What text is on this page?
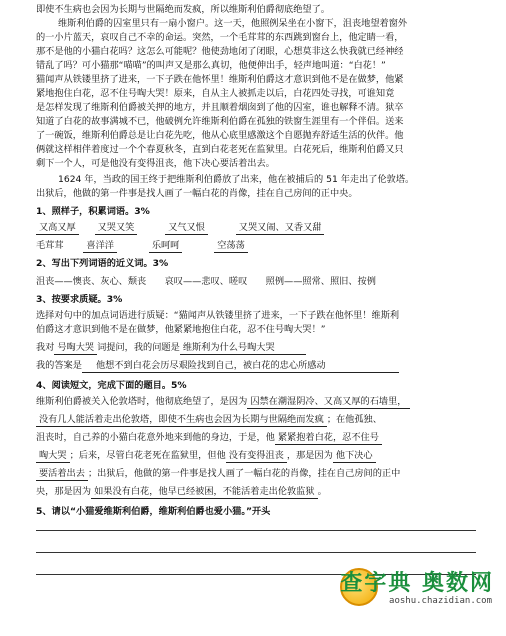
即使不生病也会因为长期与世隔绝而发疯，所以维斯利伯爵彻底绝望了。
维斯利伯爵的囚室里只有一扇小窗户。这一天，他照例呆坐在小窗下，沮丧地望着窗外
的一小片蓝天，哀叹自己不幸的命运。突然，一个毛茸茸的东西跳到窗台上，他定睛一看，
那不是他的小猫白花吗？这怎么可能呢？他使劲地闭了闭眼，心想莫非这么快我就已经神经
错乱了吗？可小猫那“喵喵”的叫声又是那么真切，他便伸出手，轻声地叫道：“白花！”
猫闻声从铁镂里挤了进来，一下子跌在他怀里！维斯利伯爵这才意识到他不是在做梦，他紧
紧地抱住白花，忍不住号啕大哭！原来，自从主人被抓走以后，白花四处寻找，可谁知竟
是怎样发现了维斯利伯爵被关押的地方，并且顺着烟囱到了他的囚室，谁也解释不清。狱卒
知道了白花的故事满城不已，他破例允许维斯利伯爵在孤独的铁窗生涯里有一个伴侣。送来
了一碗饭，维斯利伯爵总是让白花先吃，他从心底里感激这个自愿抛弃舒适生活的伙伴。他
俩就这样相伴着度过一个个春夏秋冬，直到白花老死在监狱里。白花死后，维斯利伯爵又只
剩下一个人，可是他没有变得沮丧，他下决心要活着出去。
1624 年，当政的国王终于把维斯利伯爵放了出来，他在被捕后的 51 年走出了伦敦塔。
出狱后，他做的第一件事是找人画了一幅白花的肖像，挂在自己房间的正中央。
1、照样子，积累词语。3%
又高又厚 又哭又笑	又气又恨	又哭又闹、又香又甜
毛茸茸 喜洋洋	乐呵呵	空荡荡
2、写出下列词语的近义词。3%
沮丧——懊丧、灰心、颓丧　　哀叹——悲叹、嗟叹　　照例——照常、照旧、按例
3、按要求质疑。3%
选择对句中的加点词语进行质疑：“猫闻声从铁镂里挤了进来，一下子跌在他怀里！维斯利
伯爵这才意识到他不是在做梦，他紧紧地抱住白花，忍不住号啕大哭！”
我对 号啕大哭 词提问，我的问题是 维斯利为什么号啕大哭
我的答案是 他想不到白花会历尽艰险找到自己，被白花的忠心所感动
4、阅读短文，完成下面的题目。5%
维斯利伯爵被关入伦敦塔时，他彻底绝望了，是因为 囚禁在潮湿阴冷、又高又厚的石墙里，
没有几人能活着走出伦敦塔，即使不生病也会因为长期与世隔绝而发疯 ；在他孤独、
沮丧时，自己养的小猫白花意外地来到他的身边，于是，他 紧紧抱着白花，忍不住号
啕大哭 ；后来，尽管白花老死在监狱里，但他 没有变得沮丧 ，那是因为 他下决心
要活着出去 ；出狱后，他做的第一件事是找人画了一幅白花的肖像，挂在自己房间的正中
央，那是因为 如果没有白花，他早已经被困，不能活着走出伦敦监狱 。
5、请以“小猫爱维斯利伯爵，维斯利伯爵也爱小猫。”开头
查字典 奥数网
aoshu.chazidian.com
